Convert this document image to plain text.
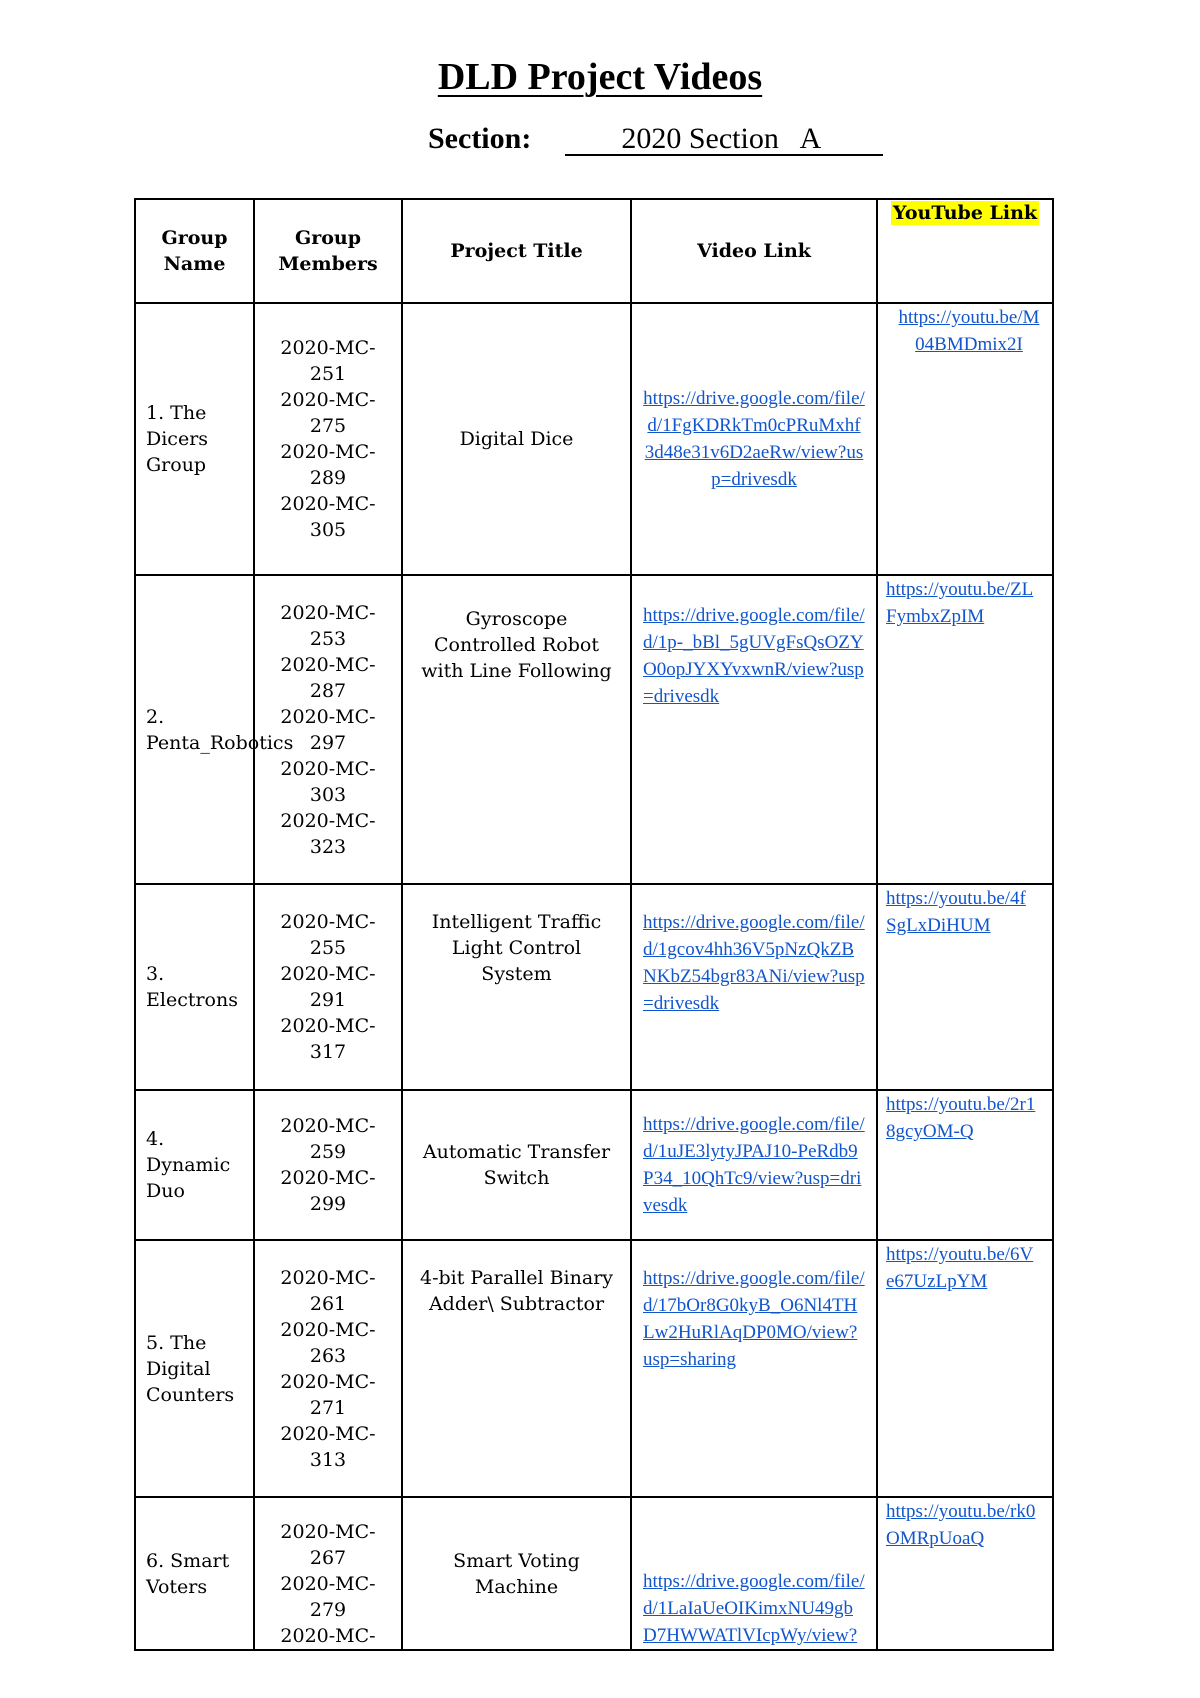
DLD Project Videos
Section:	2020 Section   A
Group Name	Group Members	Project Title	Video Link	YouTube Link

1. The Dicers Group	2020-MC-251
2020-MC-275
2020-MC-289
2020-MC-305	Digital Dice	https://drive.google.com/file/d/1FgKDRkTm0cPRuMxhf3d48e31v6D2aeRw/view?usp=drivesdk	https://youtu.be/M04BMDmix2I

2. Penta_Robotics	2020-MC-253
2020-MC-287
2020-MC-297
2020-MC-303
2020-MC-323	Gyroscope Controlled Robot with Line Following	https://drive.google.com/file/d/1p-_bBl_5gUVgFsQsOZYO0opJYXYvxwnR/view?usp=drivesdk	https://youtu.be/ZLFymbxZpIM

3. Electrons	2020-MC-255
2020-MC-291
2020-MC-317	Intelligent Traffic Light Control System	https://drive.google.com/file/d/1gcov4hh36V5pNzQkZBNKbZ54bgr83ANi/view?usp=drivesdk	https://youtu.be/4fSgLxDiHUM

4. Dynamic Duo	2020-MC-259
2020-MC-299	Automatic Transfer Switch	https://drive.google.com/file/d/1uJE3lytyJPAJ10-PeRdb9P34_10QhTc9/view?usp=drivesdk	https://youtu.be/2r18gcyOM-Q

5. The Digital Counters	2020-MC-261
2020-MC-263
2020-MC-271
2020-MC-313	4-bit Parallel Binary Adder\ Subtractor	https://drive.google.com/file/d/17bOr8G0kyB_O6Nl4THLw2HuRlAqDP0MO/view?usp=sharing	https://youtu.be/6Ve67UzLpYM

6. Smart Voters	2020-MC-267
2020-MC-279
2020-MC-	Smart Voting Machine	https://drive.google.com/file/d/1LaIaUeOIKimxNU49gbD7HWWATlVIcpWy/view?	https://youtu.be/rk0OMRpUoaQ
